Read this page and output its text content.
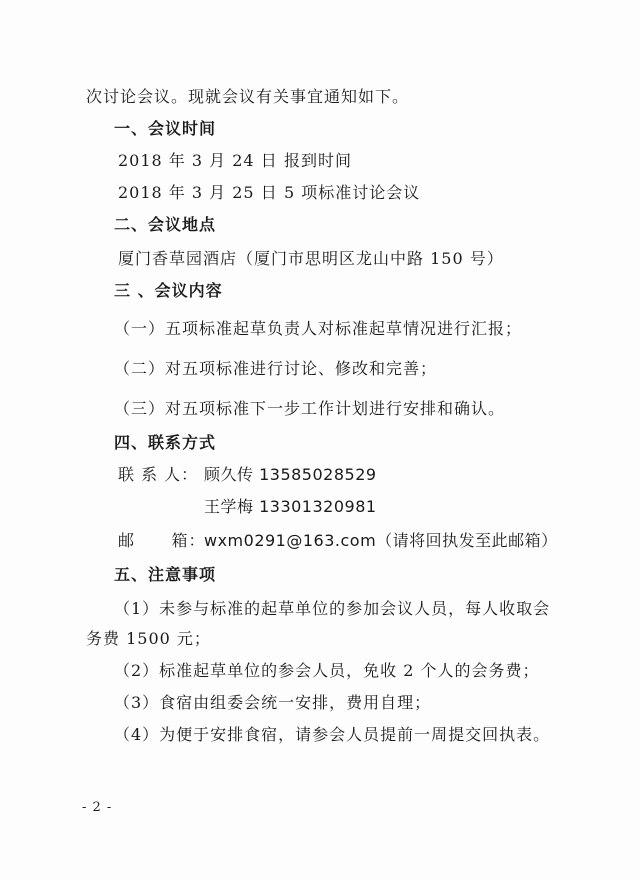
次讨论会议。现就会议有关事宜通知如下。
一、会议时间
2018 年 3 月 24 日 报到时间
2018 年 3 月 25 日 5 项标准讨论会议
二、会议地点
厦门香草园酒店（厦门市思明区龙山中路 150 号）
三 、会议内容
（一）五项标准起草负责人对标准起草情况进行汇报；
（二）对五项标准进行讨论、修改和完善；
（三）对五项标准下一步工作计划进行安排和确认。
四、联系方式
联 系 人： 顾久传 13585028529
王学梅 13301320981
邮      箱：
wxm0291@163.com（请将回执发至此邮箱）
五、注意事项
（1）未参与标准的起草单位的参加会议人员，每人收取会
务费 1500 元；
（2）标准起草单位的参会人员，免收 2 个人的会务费；
（3）食宿由组委会统一安排，费用自理；
（4）为便于安排食宿，请参会人员提前一周提交回执表。
- 2 -
